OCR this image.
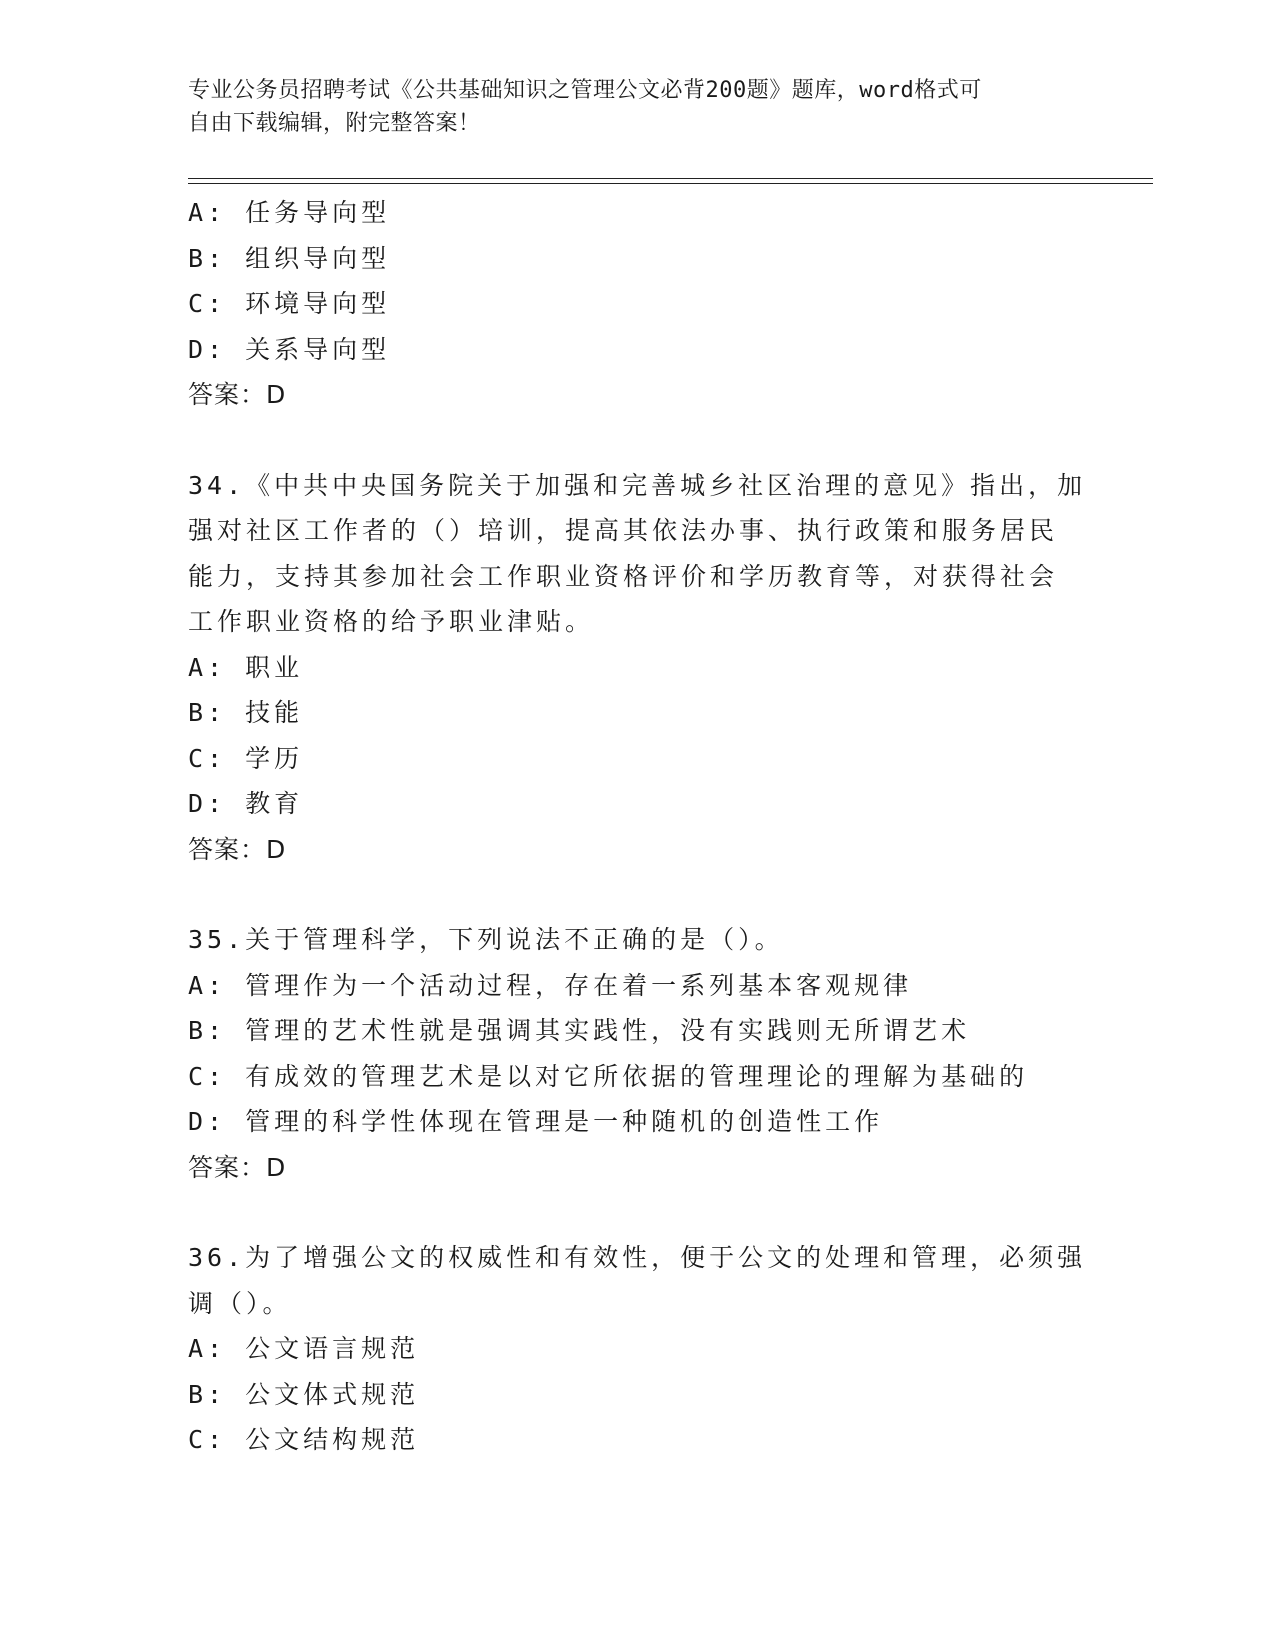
专业公务员招聘考试《公共基础知识之管理公文必背200题》题库，word格式可
自由下载编辑，附完整答案！
A: 任务导向型
B: 组织导向型
C: 环境导向型
D: 关系导向型
答案：D
34.《中共中央国务院关于加强和完善城乡社区治理的意见》指出，加
强对社区工作者的（）培训，提高其依法办事、执行政策和服务居民
能力，支持其参加社会工作职业资格评价和学历教育等，对获得社会
工作职业资格的给予职业津贴。
A: 职业
B: 技能
C: 学历
D: 教育
答案：D
35.关于管理科学，下列说法不正确的是（）。
A: 管理作为一个活动过程，存在着一系列基本客观规律
B: 管理的艺术性就是强调其实践性，没有实践则无所谓艺术
C: 有成效的管理艺术是以对它所依据的管理理论的理解为基础的
D: 管理的科学性体现在管理是一种随机的创造性工作
答案：D
36.为了增强公文的权威性和有效性，便于公文的处理和管理，必须强
调（）。
A: 公文语言规范
B: 公文体式规范
C: 公文结构规范
